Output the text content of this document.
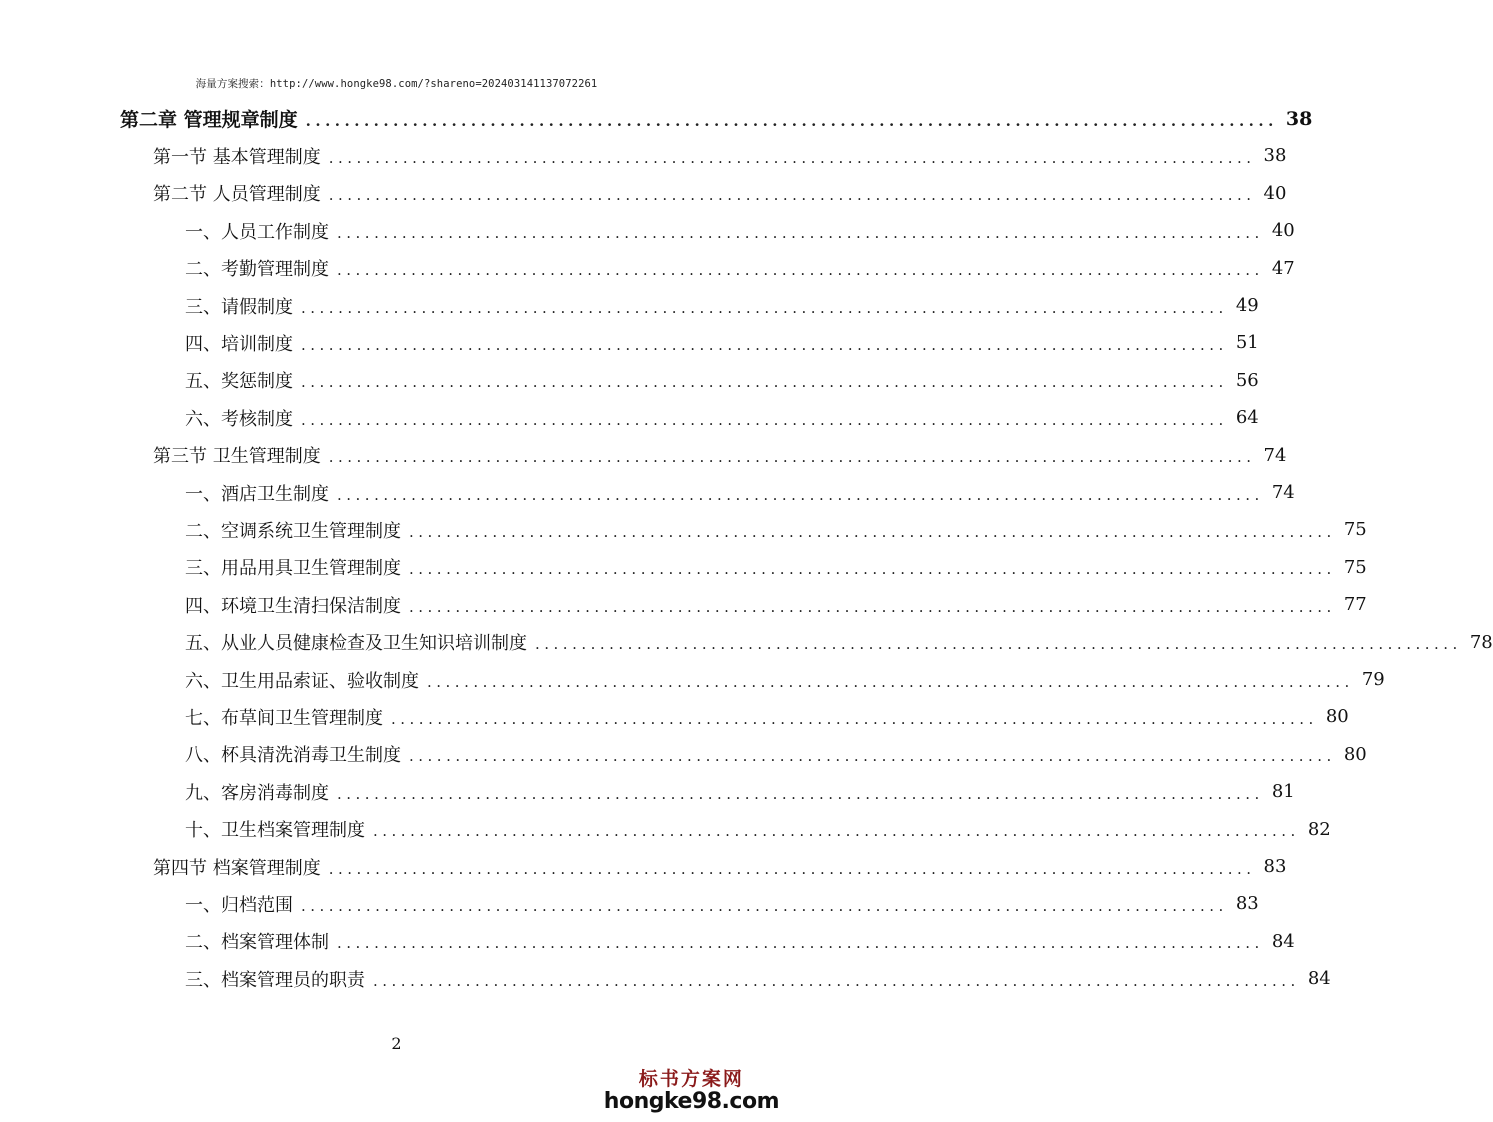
海量方案搜索：http://www.hongke98.com/?shareno=202403141137072261
第二章 管理规章制度 .................................................................................................... 38
第一节 基本管理制度 .................................................................................................... 38
第二节 人员管理制度 .................................................................................................... 40
一、人员工作制度 .................................................................................................... 40
二、考勤管理制度 .................................................................................................... 47
三、请假制度 .................................................................................................... 49
四、培训制度 .................................................................................................... 51
五、奖惩制度 .................................................................................................... 56
六、考核制度 .................................................................................................... 64
第三节 卫生管理制度 .................................................................................................... 74
一、酒店卫生制度 .................................................................................................... 74
二、空调系统卫生管理制度 .................................................................................................... 75
三、用品用具卫生管理制度 .................................................................................................... 75
四、环境卫生清扫保洁制度 .................................................................................................... 77
五、从业人员健康检查及卫生知识培训制度 .................................................................................................... 78
六、卫生用品索证、验收制度 .................................................................................................... 79
七、布草间卫生管理制度 .................................................................................................... 80
八、杯具清洗消毒卫生制度 .................................................................................................... 80
九、客房消毒制度 .................................................................................................... 81
十、卫生档案管理制度 .................................................................................................... 82
第四节 档案管理制度 .................................................................................................... 83
一、归档范围 .................................................................................................... 83
二、档案管理体制 .................................................................................................... 84
三、档案管理员的职责 .................................................................................................... 84
2
标书方案网
hongke98.com
